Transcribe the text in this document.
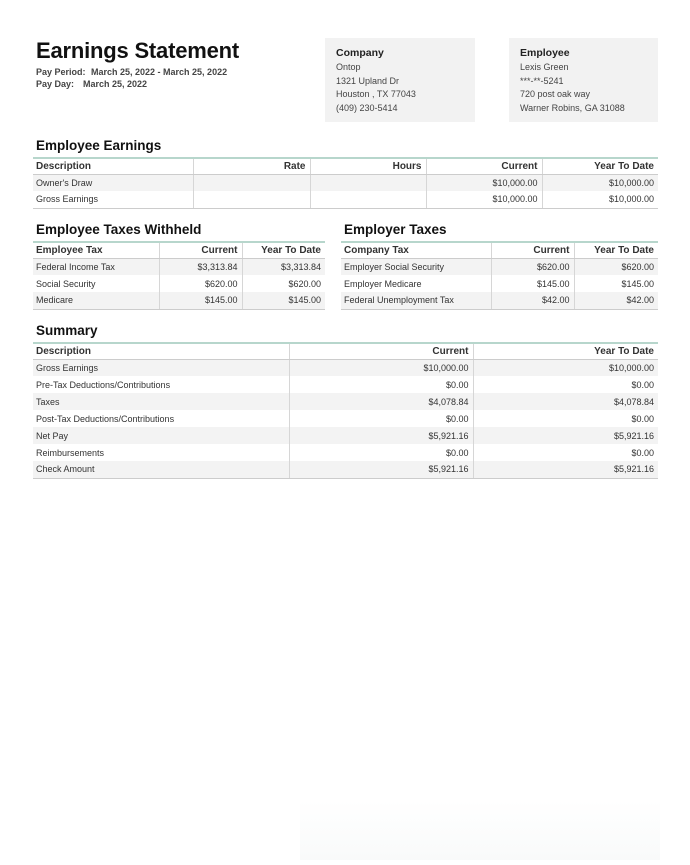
Earnings Statement
Pay Period: March 25, 2022 - March 25, 2022
Pay Day: March 25, 2022
Company
Ontop
1321 Upland Dr
Houston , TX 77043
(409) 230-5414
Employee
Lexis Green
***-**-5241
720 post oak way
Warner Robins, GA 31088
Employee Earnings
Description	Rate	Hours	Current	Year To Date
Owner's Draw			$10,000.00	$10,000.00
Gross Earnings			$10,000.00	$10,000.00
Employee Taxes Withheld
Employee Tax	Current	Year To Date
Federal Income Tax	$3,313.84	$3,313.84
Social Security	$620.00	$620.00
Medicare	$145.00	$145.00
Employer Taxes
Company Tax	Current	Year To Date
Employer Social Security	$620.00	$620.00
Employer Medicare	$145.00	$145.00
Federal Unemployment Tax	$42.00	$42.00
Summary
Description	Current	Year To Date
Gross Earnings	$10,000.00	$10,000.00
Pre-Tax Deductions/Contributions	$0.00	$0.00
Taxes	$4,078.84	$4,078.84
Post-Tax Deductions/Contributions	$0.00	$0.00
Net Pay	$5,921.16	$5,921.16
Reimbursements	$0.00	$0.00
Check Amount	$5,921.16	$5,921.16
